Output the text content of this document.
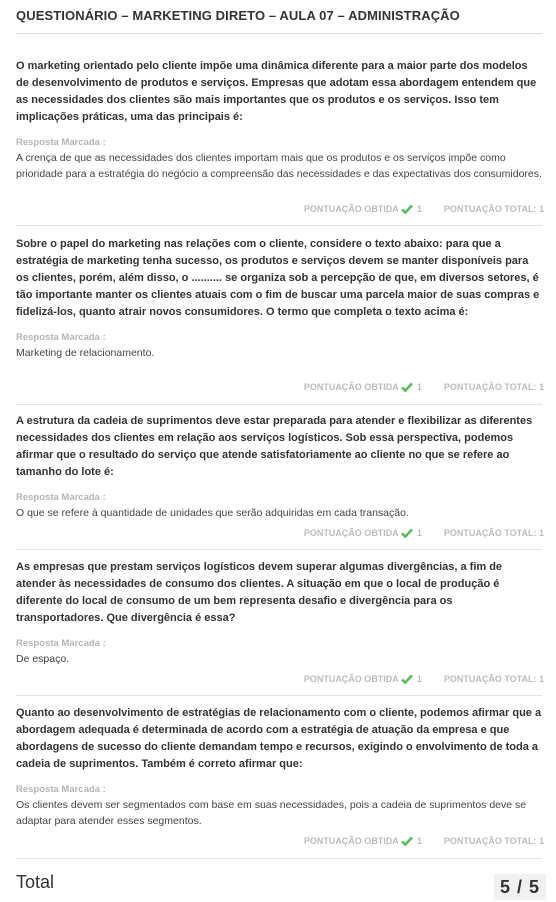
QUESTIONÁRIO – MARKETING DIRETO – AULA 07 – ADMINISTRAÇÃO
O marketing orientado pelo cliente impõe uma dinâmica diferente para a maior parte dos modelos de desenvolvimento de produtos e serviços. Empresas que adotam essa abordagem entendem que as necessidades dos clientes são mais importantes que os produtos e os serviços. Isso tem implicações práticas, uma das principais é:
Resposta Marcada :
A crença de que as necessidades dos clientes importam mais que os produtos e os serviços impõe como prioridade para a estratégia do negócio a compreensão das necessidades e das expectativas dos consumidores.
PONTUAÇÃO OBTIDA 1 PONTUAÇÃO TOTAL: 1
Sobre o papel do marketing nas relações com o cliente, considere o texto abaixo: para que a estratégia de marketing tenha sucesso, os produtos e serviços devem se manter disponíveis para os clientes, porém, além disso, o .......... se organiza sob a percepção de que, em diversos setores, é tão importante manter os clientes atuais com o fim de buscar uma parcela maior de suas compras e fidelizá-los, quanto atrair novos consumidores. O termo que completa o texto acima é:
Resposta Marcada :
Marketing de relacionamento.
PONTUAÇÃO OBTIDA 1 PONTUAÇÃO TOTAL: 1
A estrutura da cadeia de suprimentos deve estar preparada para atender e flexibilizar as diferentes necessidades dos clientes em relação aos serviços logísticos. Sob essa perspectiva, podemos afirmar que o resultado do serviço que atende satisfatoriamente ao cliente no que se refere ao tamanho do lote é:
Resposta Marcada :
O que se refere à quantidade de unidades que serão adquiridas em cada transação.
PONTUAÇÃO OBTIDA 1 PONTUAÇÃO TOTAL: 1
As empresas que prestam serviços logísticos devem superar algumas divergências, a fim de atender às necessidades de consumo dos clientes. A situação em que o local de produção é diferente do local de consumo de um bem representa desafio e divergência para os transportadores. Que divergência é essa?
Resposta Marcada :
De espaço.
PONTUAÇÃO OBTIDA 1 PONTUAÇÃO TOTAL: 1
Quanto ao desenvolvimento de estratégias de relacionamento com o cliente, podemos afirmar que a abordagem adequada é determinada de acordo com a estratégia de atuação da empresa e que abordagens de sucesso do cliente demandam tempo e recursos, exigindo o envolvimento de toda a cadeia de suprimentos. Também é correto afirmar que:
Resposta Marcada :
Os clientes devem ser segmentados com base em suas necessidades, pois a cadeia de suprimentos deve se adaptar para atender esses segmentos.
PONTUAÇÃO OBTIDA 1 PONTUAÇÃO TOTAL: 1
Total	5 / 5
